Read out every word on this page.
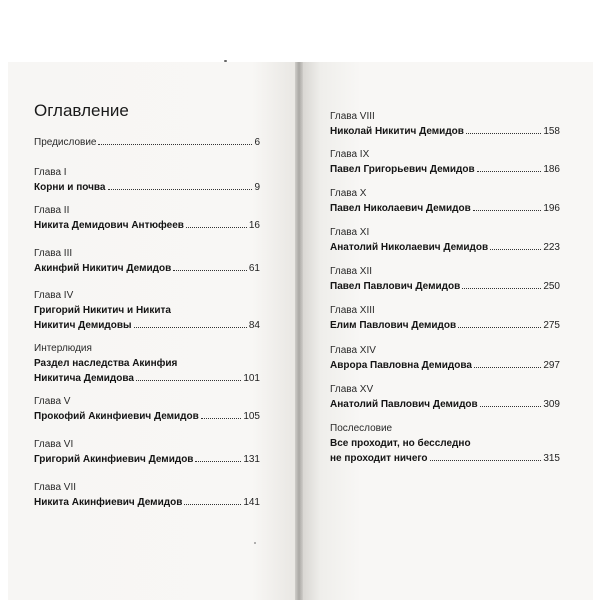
Оглавление
Предисловие	6
Глава I
Корни и почва	9
Глава II
Никита Демидович Антюфеев	16
Глава III
Акинфий Никитич Демидов	61
Глава IV
Григорий Никитич и Никита
Никитич Демидовы	84
Интерлюдия
Раздел наследства Акинфия
Никитича Демидова	101
Глава V
Прокофий Акинфиевич Демидов	105
Глава VI
Григорий Акинфиевич Демидов	131
Глава VII
Никита Акинфиевич Демидов	141
Глава VIII
Николай Никитич Демидов	158
Глава IX
Павел Григорьевич Демидов	186
Глава X
Павел Николаевич Демидов	196
Глава XI
Анатолий Николаевич Демидов	223
Глава XII
Павел Павлович Демидов	250
Глава XIII
Елим Павлович Демидов	275
Глава XIV
Аврора Павловна Демидова	297
Глава XV
Анатолий Павлович Демидов	309
Послесловие
Все проходит, но бесследно
не проходит ничего	315
